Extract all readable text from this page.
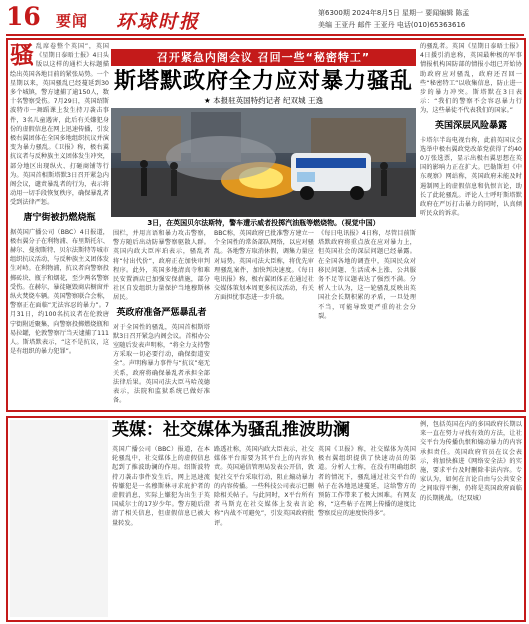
16 要闻 环球时报	第6300期 2024年8月5日 星期一 要闻编辑 陈孟
美编 王亚丹 邮件 王亚丹 电话(010)65363616
骚 乱席卷整个英国”，英国《星期日泰晤士报》4日头版以这样的通栏大标题描绘出英国各地目前的紧张局势。一个星期以来，英国骚乱已经蔓延到30多个城镇，警方逮捕了逾150人，数十名警察受伤。7月29日，英国绍斯波特市一舞蹈课上发生持刀袭击事件，3名儿童遇害，此后有关嫌犯身份的虚假信息在网上迅速传播，引发极右翼团体在全国多地组织抗议并演变为暴力骚乱。《卫报》称，极右翼抗议者与反种族主义团体发生冲突，部分地区出现纵火、打砸商铺等行为。英国首相斯塔默3日召开紧急内阁会议，谴责暴乱者的行为，表示将动用一切手段恢复秩序，确保暴乱者受到法律严惩。
唐宁街被扔燃烧瓶
据英国广播公司（BBC）4日报道，极右翼分子在利物浦、布里斯托尔、赫尔、曼彻斯特、贝尔法斯特等城市组织抗议活动，与反种族主义团体发生对峙。在利物浦，抗议者向警察投掷砖块、瓶子和烟花，至少两名警察受伤。在赫尔，暴徒砸毁商店橱窗并纵火焚烧车辆。英国警察联合会称，警察正在面临“无法容忍的暴力”。7月31日，约100名抗议者在伦敦唐宁街附近聚集，向警察投掷燃烧瓶和易拉罐，伦敦警察厅当天逮捕了111人。斯塔默表示，“这不是抗议，这是有组织的暴力犯罪”。
召开紧急内阁会议 召回一些“秘密特工”
斯塔默政府全力应对暴力骚乱
★ 本报驻英国特约记者 纪双城 王逸
3日，在英国贝尔法斯特，警车遭示威者投掷汽油瓶等燃烧物。（视觉中国）
围栏，并用言语和暴力攻击警察，警方随后出动防暴警察驱散人群。英国内政大臣库珀表示，骚乱者将“付出代价”，政府正在加快审判程序。此外，英国多地清真寺和难民安置酒店已加强安保措施，部分社区自发组织力量保护当地穆斯林居民。
英政府准备严惩暴乱者
对于全国性的骚乱，英国首相斯塔默3日召开紧急内阁会议。首相办公室随后发表声明称，“将全力支持警方采取一切必要行动，确保街道安全”。声明称暴力事件与“抗议”毫无关系，政府将确保暴乱者承担全部法律后果。英国司法大臣马哈茂德表示，法院和监狱系统已做好准备。
BBC称，英国政府已批准警方建立一个全国性的常备部队网络，以应对骚乱。各地警方取消休假，调集力量应对局势。英国司法大臣称，将优先审理骚乱案件，加快判决速度。《每日电讯报》称，极右翼团体正在通过社交媒体策划本周更多抗议活动，有关方面担忧事态进一步升级。
《每日电讯报》4日称，尽管目前斯塔默政府将重点放在应对暴力上，但英国社会的深层问题已经暴露。在全国各地的调查中，英国民众对移民问题、生活成本上涨、公共服务不足等议题表达了强烈不满。分析人士认为，这一轮骚乱反映出英国社会长期积累的矛盾，一旦处理不当，可能导致更严重的社会分裂。
的骚乱者。英国《星期日泰晤士报》4日援引消息称，英国最种极的军事情报机构国防部的情报小组已开始协助政府应对骚乱，政府还召回一些“秘密特工”以收集信息，防止进一步的暴力冲突。斯塔默在3日表示：“我们的警察不会容忍暴力行为，这些暴徒不代表我们的国家。”
英国深层风险暴露
卡塔尔半岛电视台称，此前英国议会选举中极右翼政党改革党获得了约400万张选票，显示出极右翼思想在英国的影响力正在扩大。巴勒斯坦《中东观察》网站称，英国政府未能及时遏制网上的虚假信息和仇恨言论，助长了此轮骚乱。评论人士呼吁斯塔默政府在严厉打击暴力的同时，认真倾听民众的诉求。
英媒：社交媒体为骚乱推波助澜
英国广播公司（BBC）报道，在本轮骚乱中，社交媒体上的虚假信息起到了推波助澜的作用。绍斯波特持刀袭击事件发生后，网上迅速流传嫌犯是一名穆斯林寻求庇护者的虚假消息，实际上嫌犯为出生于英国威尔士的17岁少年。警方随后澄清了相关信息，但虚假信息已被大量转发。
路透社称，英国内政大臣表示，社交媒体平台需要为其平台上的内容负责。英国通信管理局发表公开信，敦促社交平台采取行动，阻止煽动暴力的内容传播。一些科技公司表示已删除相关帖子。与此同时，X平台所有者马斯克在社交媒体上发表言论称“内战不可避免”，引发英国政府批评。
英国《卫报》称，社交媒体为英国极右翼组织提供了快速动员的渠道。分析人士称，在没有明确组织者的情况下，骚乱通过社交平台的帖子在各地迅速蔓延，这给警方的预防工作带来了极大困难。有网友称，“这些帖子在网上传播的速度比警察反应的速度快得多”。
例，包括英国在内的多国政府长期以来一直在努力寻找有效的方法，让社交平台为传播仇恨和煽动暴力的内容承担责任。英国政府官员在议会表示，将加快推进《网络安全法》的实施，要求平台及时删除非法内容。专家认为，如何在言论自由与公共安全之间取得平衡，仍将是英国政府面临的长期挑战。（纪双城）
